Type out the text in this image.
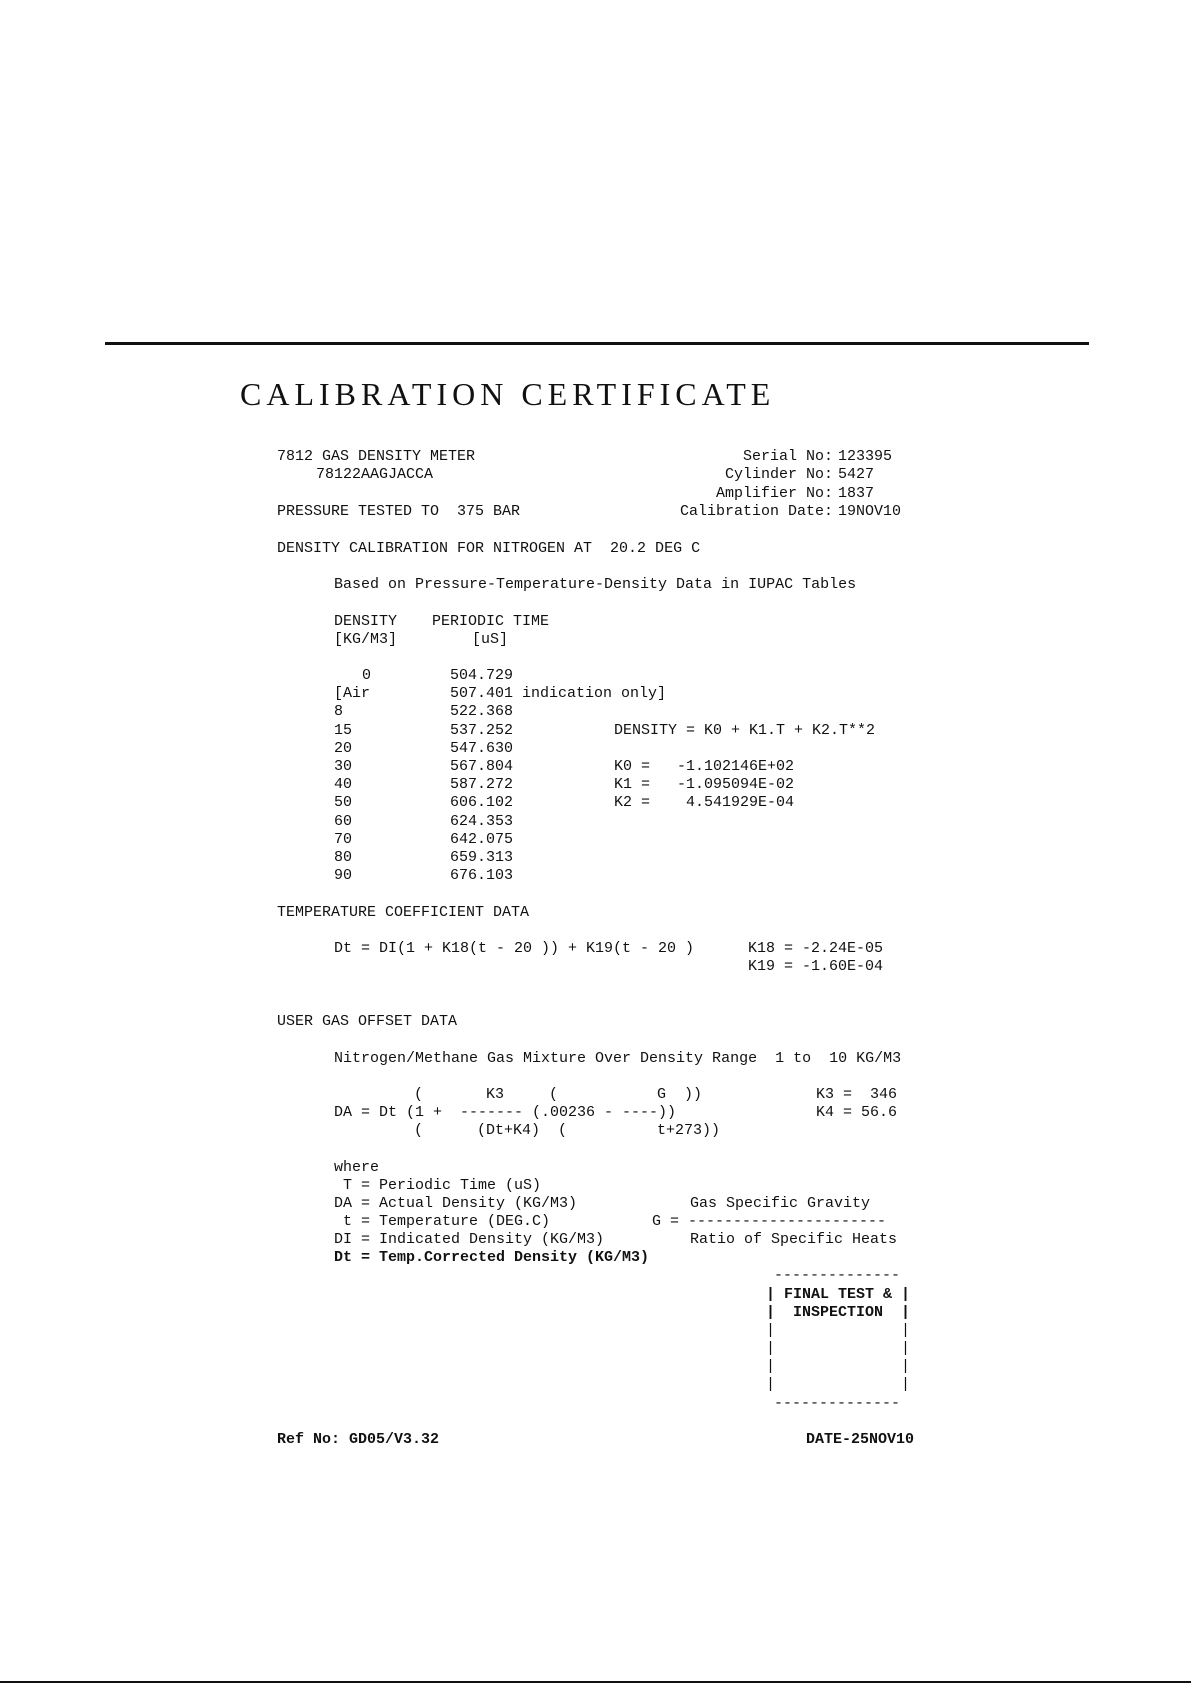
CALIBRATION CERTIFICATE
7812 GAS DENSITY METER
78122AAGJACCA
PRESSURE TESTED TO  375 BAR
Serial No: 123395
Cylinder No: 5427
Amplifier No: 1837
Calibration Date: 19NOV10
DENSITY CALIBRATION FOR NITROGEN AT  20.2 DEG C
Based on Pressure-Temperature-Density Data in IUPAC Tables
DENSITY
[KG/M3]
PERIODIC TIME
[uS]
0
[Air
8
15
20
30
40
50
60
70
80
90
504.729
507.401 indication only]
522.368
537.252
547.630
567.804
587.272
606.102
624.353
642.075
659.313
676.103
DENSITY = K0 + K1.T + K2.T**2
K0 =   -1.102146E+02
K1 =   -1.095094E-02
K2 =    4.541929E-04
TEMPERATURE COEFFICIENT DATA
Dt = DI(1 + K18(t - 20 )) + K19(t - 20 )	K18 = -2.24E-05
K19 = -1.60E-04
USER GAS OFFSET DATA
Nitrogen/Methane Gas Mixture Over Density Range  1 to  10 KG/M3
(       K3     (           G  ))
DA = Dt (1 +  ------- (.00236 - ----))
(      (Dt+K4)  (          t+273))
K3 =  346
K4 = 56.6
where
T = Periodic Time (uS)
DA = Actual Density (KG/M3)
t = Temperature (DEG.C)
DI = Indicated Density (KG/M3)
Dt = Temp.Corrected Density (KG/M3)
Gas Specific Gravity
G = ----------------------
Ratio of Specific Heats
--------------
| FINAL TEST & |
|  INSPECTION  |
|              |
|              |
|              |
|              |
--------------
Ref No: GD05/V3.32	DATE-25NOV10
